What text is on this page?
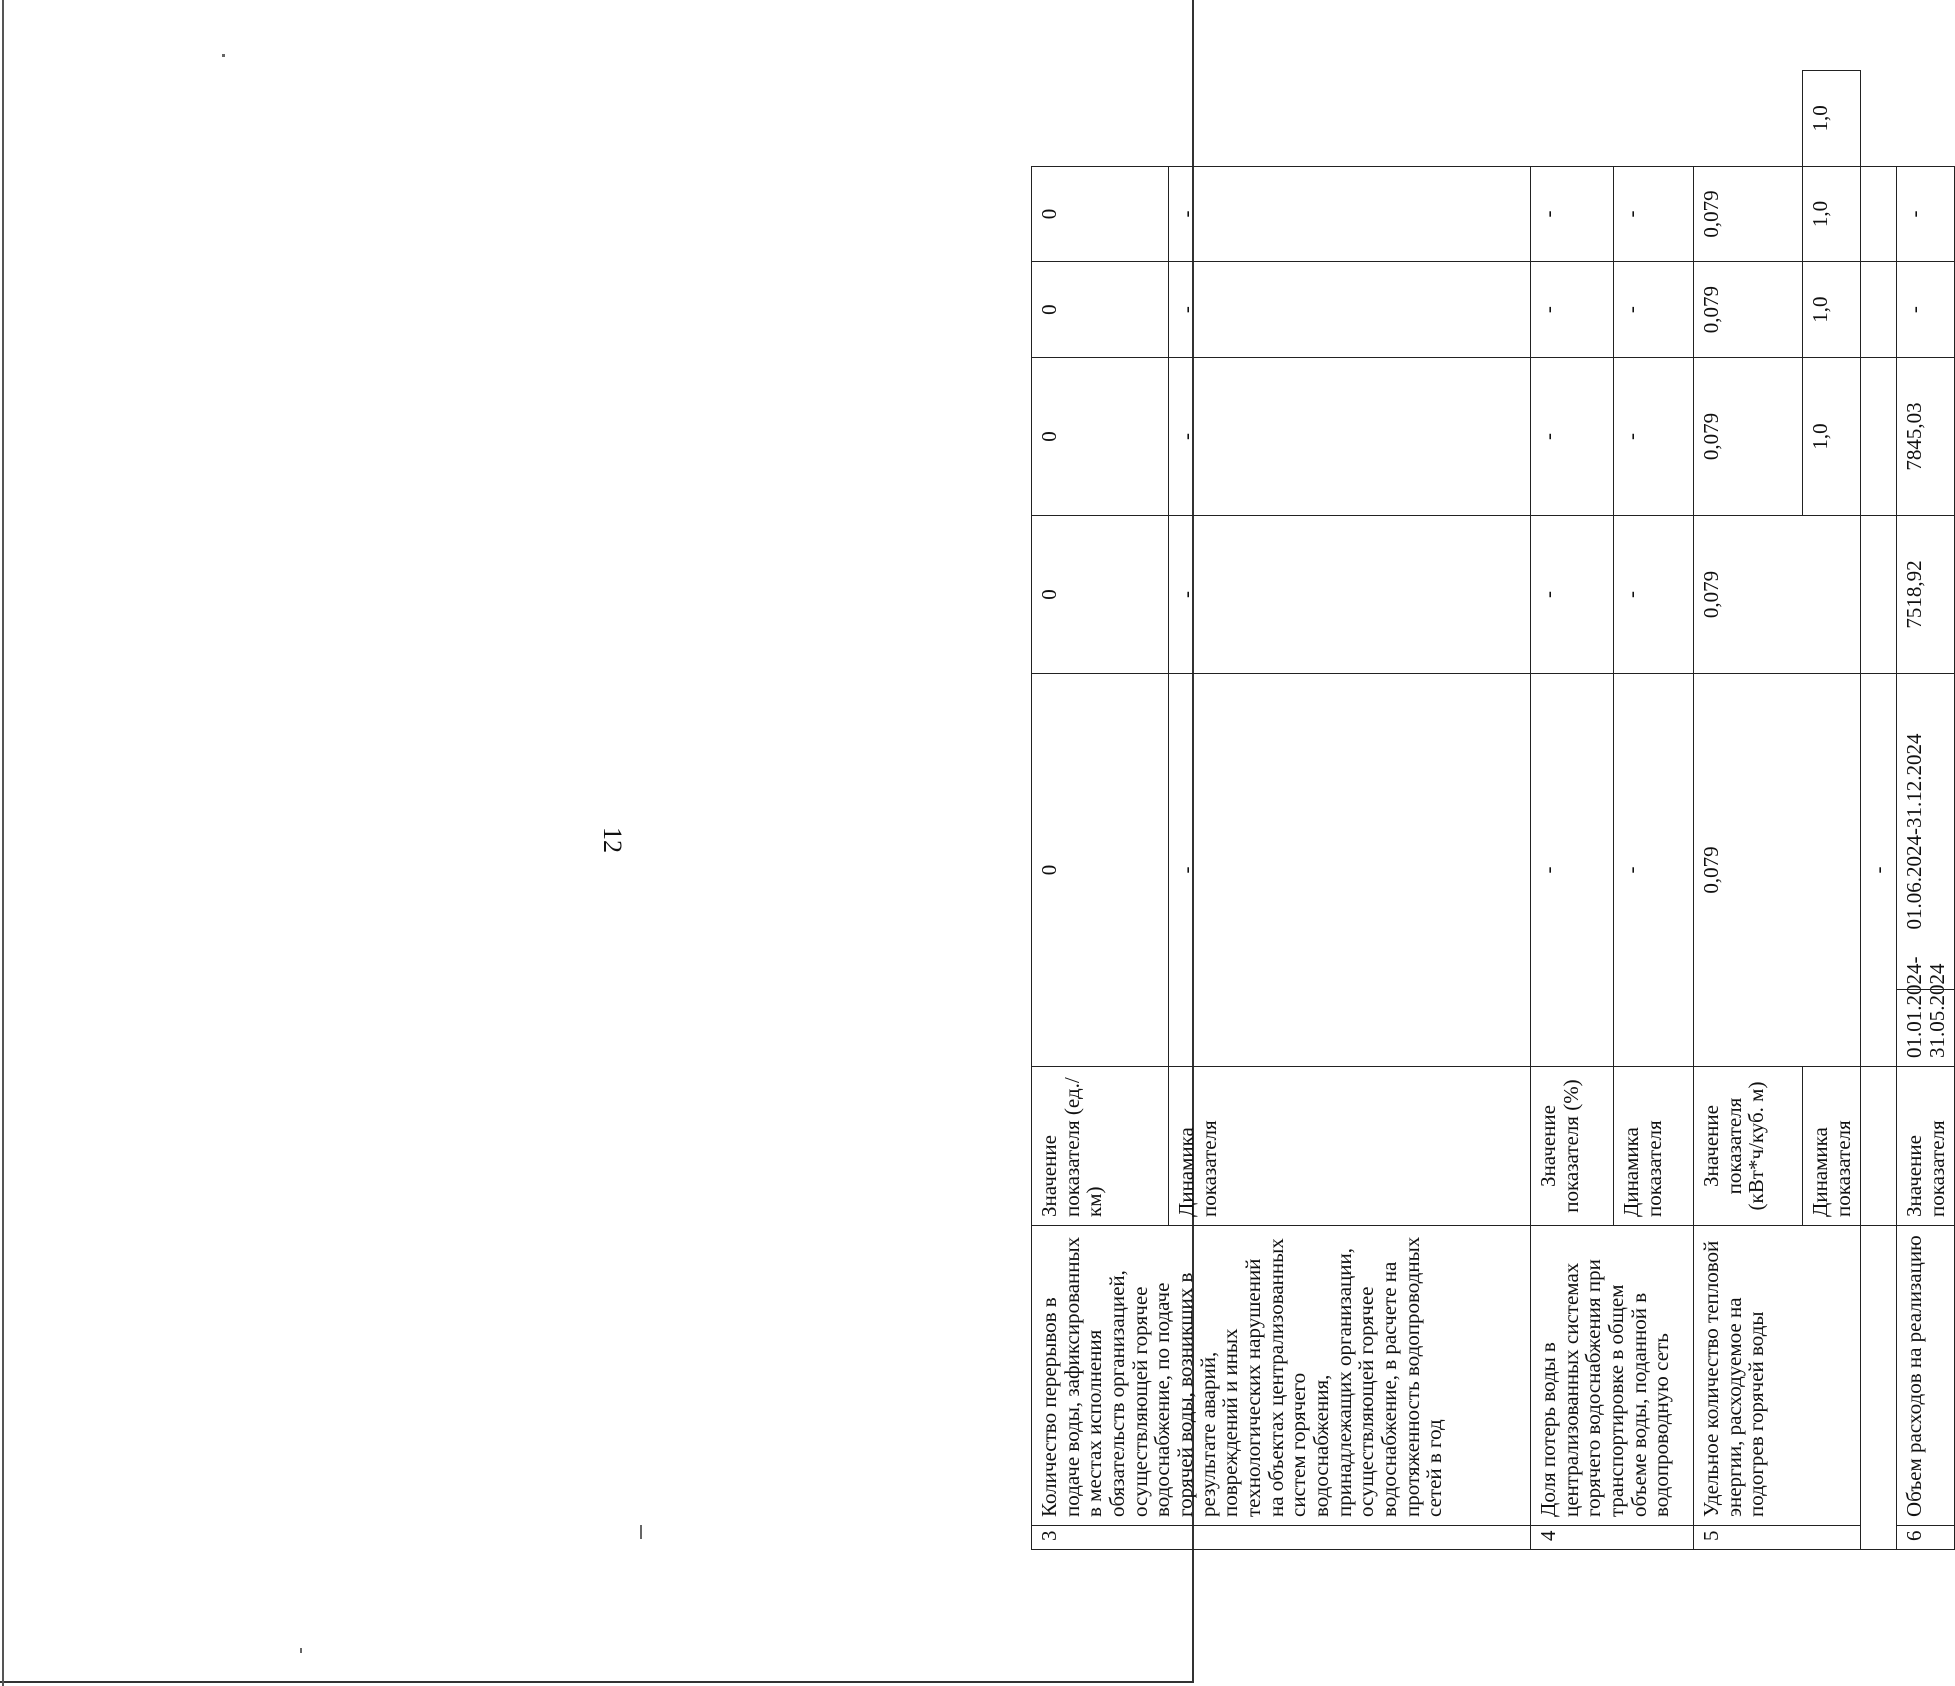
12
3	Количество перерывов в подаче воды, зафиксированных в местах исполнения обязательств организацией, осуществляющей горячее водоснабжение, по подаче горячей воды, возникших в результате аварий, повреждений и иных технологических нарушений на объектах централизованных систем горячего водоснабжения, принадлежащих организации, осуществляющей горячее водоснабжение, в расчете на протяженность водопроводных сетей в год	Значение показателя (ед./км)	0		0	0	0	0	
		Динамика показателя	-		-	-	-	-	
4	Доля потерь воды в централизованных системах горячего водоснабжения при транспортировке в общем объеме воды, поданной в водопроводную сеть	Значение показателя (%)	-		-	-	-	-	
		Динамика показателя	-		-	-	-	-	
5	Удельное количество тепловой энергии, расходуемое на подогрев горячей воды	Значение показателя (кВт*ч/куб. м)	0,079		0,079	0,079	0,079	0,079	
		Динамика показателя				1,0	1,0	1,0	1,0
			-						
6	Объем расходов на реализацию	Значение показателя	01.01.2024-31.05.2024	01.06.2024-31.12.2024	7518,92	7845,03	-	-	
